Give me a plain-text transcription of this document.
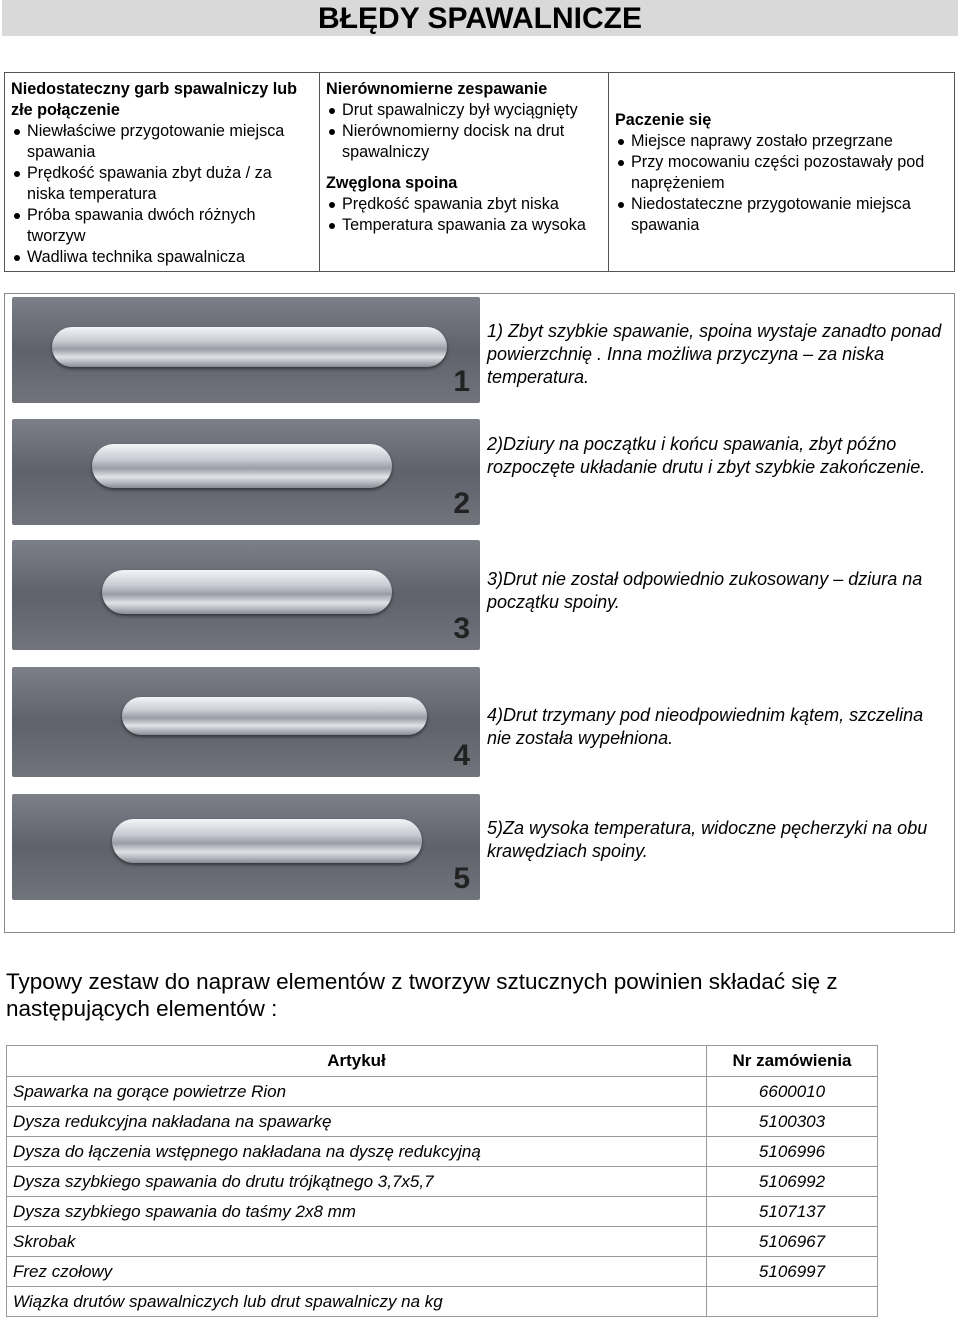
BŁĘDY SPAWALNICZE
Niedostateczny garb spawalniczy lub złe połączenie
Niewłaściwe przygotowanie miejsca spawania
Prędkość spawania zbyt duża / za niska temperatura
Próba spawania dwóch różnych tworzyw
Wadliwa technika spawalnicza
Nierównomierne zespawanie
Drut spawalniczy był wyciągnięty
Nierównomierny docisk na drut spawalniczy
Zwęglona spoina
Prędkość spawania zbyt niska
Temperatura spawania za wysoka
Paczenie się
Miejsce naprawy zostało przegrzane
Przy mocowaniu części pozostawały pod naprężeniem
Niedostateczne przygotowanie miejsca spawania
1
1) Zbyt szybkie spawanie, spoina wystaje zanadto ponad powierzchnię . Inna możliwa przyczyna – za niska temperatura.
2
2)Dziury na początku i końcu spawania, zbyt późno rozpoczęte układanie drutu i zbyt szybkie zakończenie.
3
3)Drut nie został odpowiednio zukosowany – dziura na początku spoiny.
4
4)Drut trzymany pod nieodpowiednim kątem, szczelina nie została wypełniona.
5
5)Za wysoka temperatura, widoczne pęcherzyki na obu krawędziach spoiny.
Typowy zestaw do napraw elementów z tworzyw sztucznych powinien składać się z następujących elementów :
Artykuł	Nr zamówienia
Spawarka na gorące powietrze Rion	6600010
Dysza redukcyjna nakładana na spawarkę	5100303
Dysza do łączenia wstępnego nakładana na dyszę redukcyjną	5106996
Dysza szybkiego spawania do drutu trójkątnego 3,7x5,7	5106992
Dysza szybkiego spawania do taśmy 2x8 mm	5107137
Skrobak	5106967
Frez czołowy	5106997
Wiązka drutów spawalniczych lub drut spawalniczy na kg	
